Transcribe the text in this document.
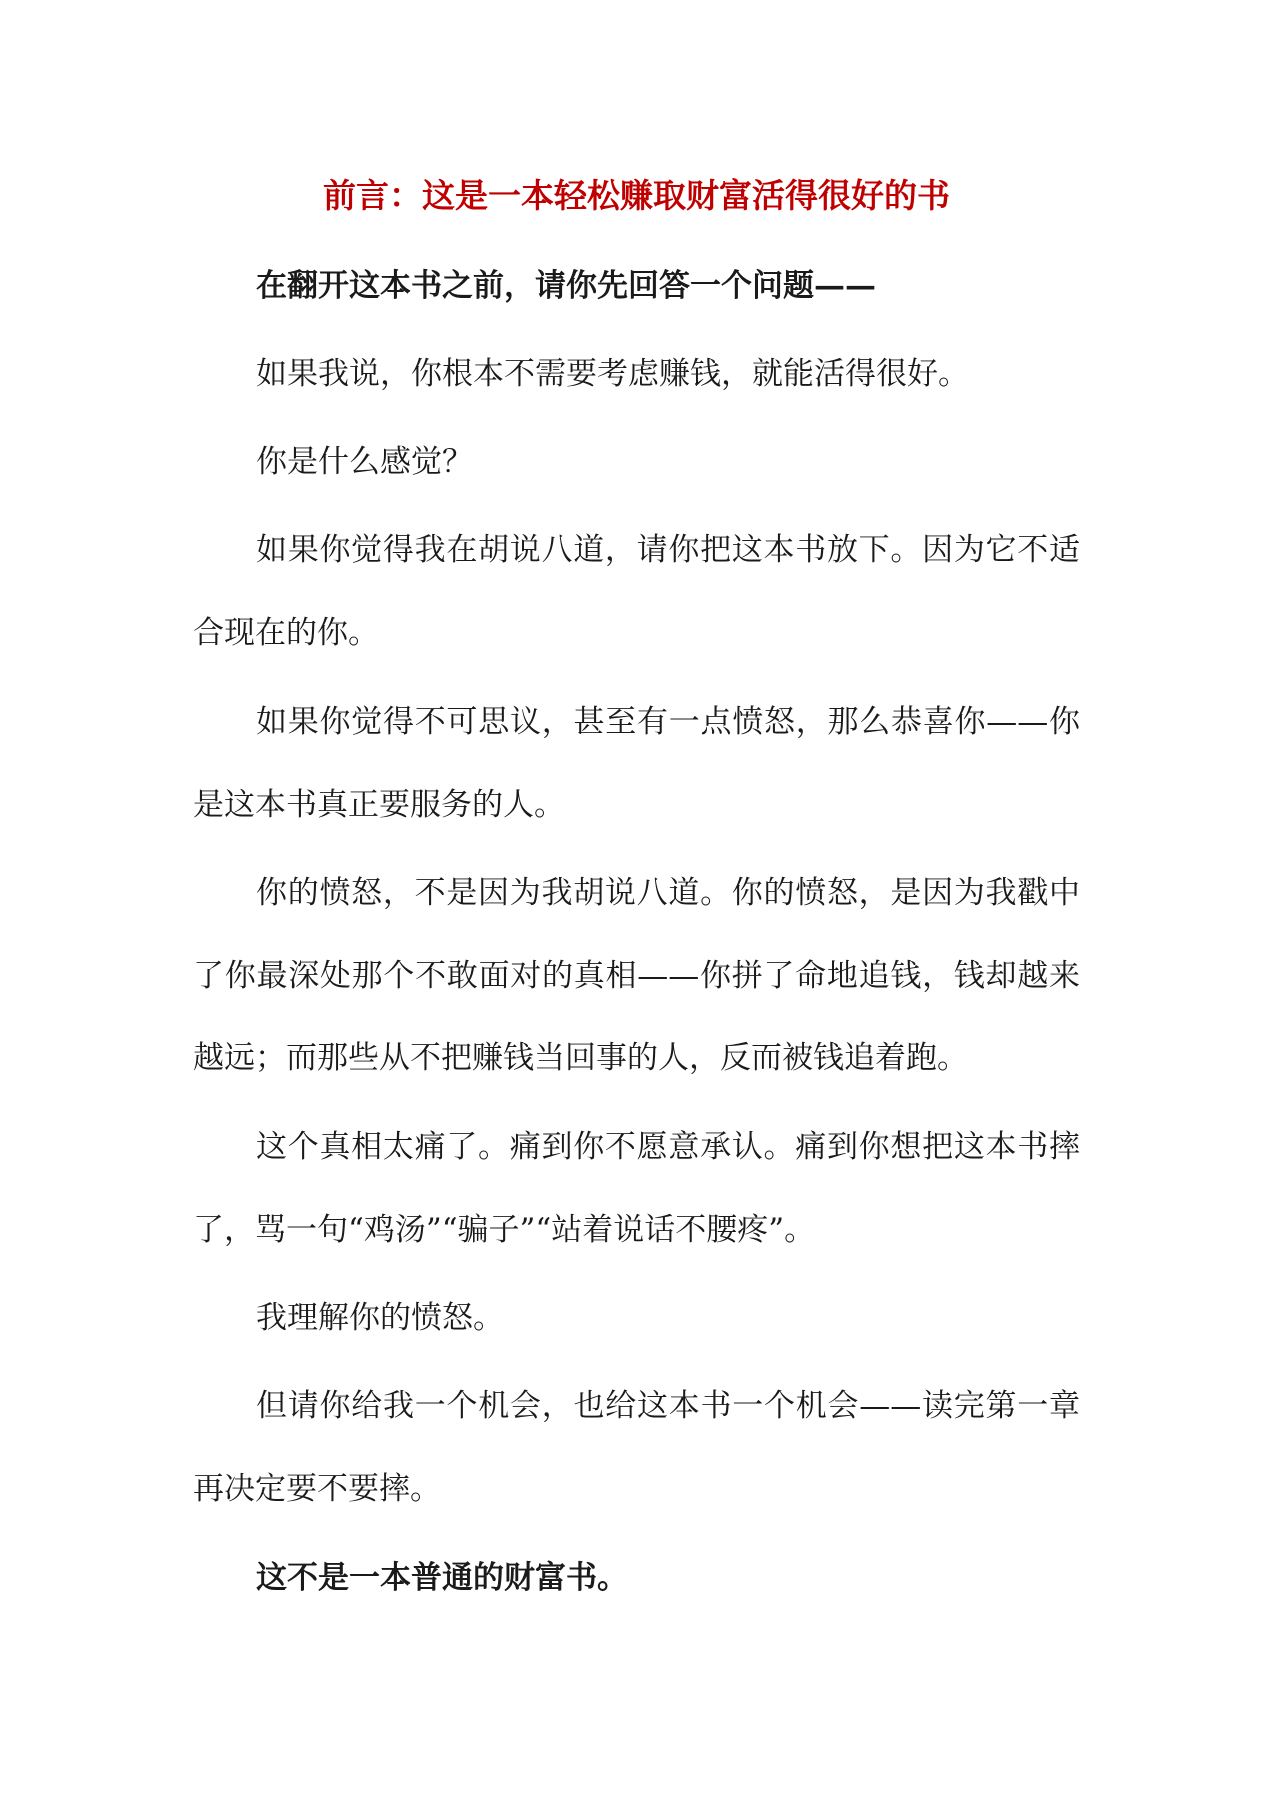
前言：这是一本轻松赚取财富活得很好的书

在翻开这本书之前，请你先回答一个问题——

如果我说，你根本不需要考虑赚钱，就能活得很好。

你是什么感觉？

如果你觉得我在胡说八道，请你把这本书放下。因为它不适

合现在的你。

如果你觉得不可思议，甚至有一点愤怒，那么恭喜你——你

是这本书真正要服务的人。

你的愤怒，不是因为我胡说八道。你的愤怒，是因为我戳中

了你最深处那个不敢面对的真相——你拼了命地追钱，钱却越来

越远；而那些从不把赚钱当回事的人，反而被钱追着跑。

这个真相太痛了。痛到你不愿意承认。痛到你想把这本书摔

了，骂一句“鸡汤”“骗子”“站着说话不腰疼”。

我理解你的愤怒。

但请你给我一个机会，也给这本书一个机会——读完第一章

再决定要不要摔。

这不是一本普通的财富书。
